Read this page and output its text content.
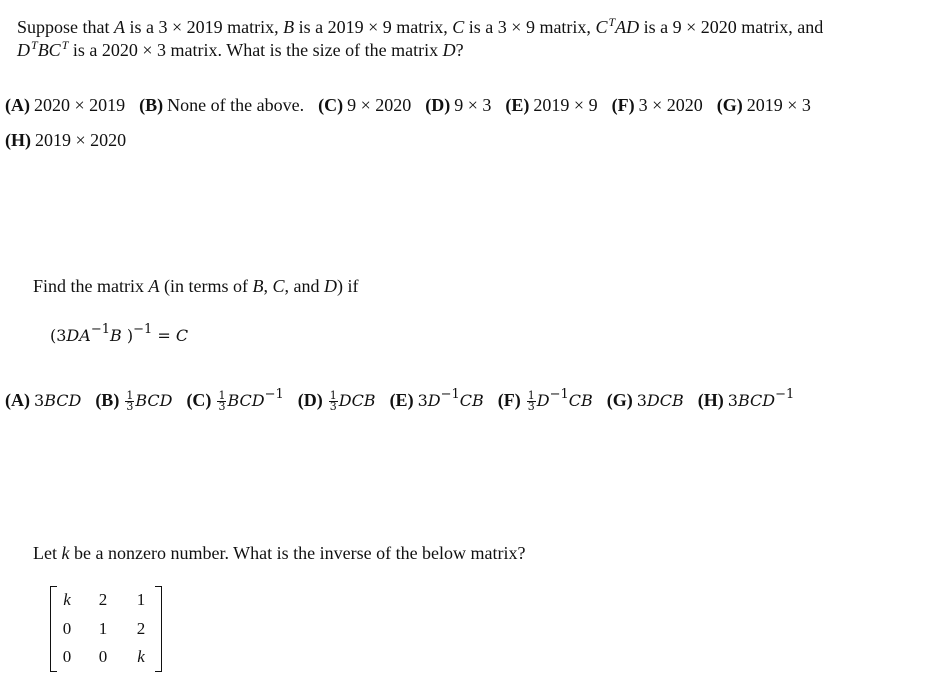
Suppose that A is a 3 × 2019 matrix, B is a 2019 × 9 matrix, C is a 3 × 9 matrix, $C^TAD$ is a 9 × 2020 matrix, and
$D^TBC^T$ is a 2020 × 3 matrix. What is the size of the matrix D?
(A) 2020 × 2019 (B) None of the above. (C) 9 × 2020 (D) 9 × 3 (E) 2019 × 9 (F) 3 × 2020 (G) 2019 × 3
(H) 2019 × 2020
Find the matrix A (in terms of B, C, and D) if
($3DA^{-1}B$ )$^{-1}$ = C
(A) 3BCD $(B) \frac{1}{3}$ BCD $(C) \frac{1}{3} BCD^{-1}$ $(D) \frac{1}{3}$ DCB (E) $3D^{-1}CB$ $(F) \frac{1}{3} D^{-1}CB$ (G) 3DCB (H) $3BCD^{-1}$
Let k be a nonzero number. What is the inverse of the below matrix?
k	2	1
0	1	2
0	0	k
